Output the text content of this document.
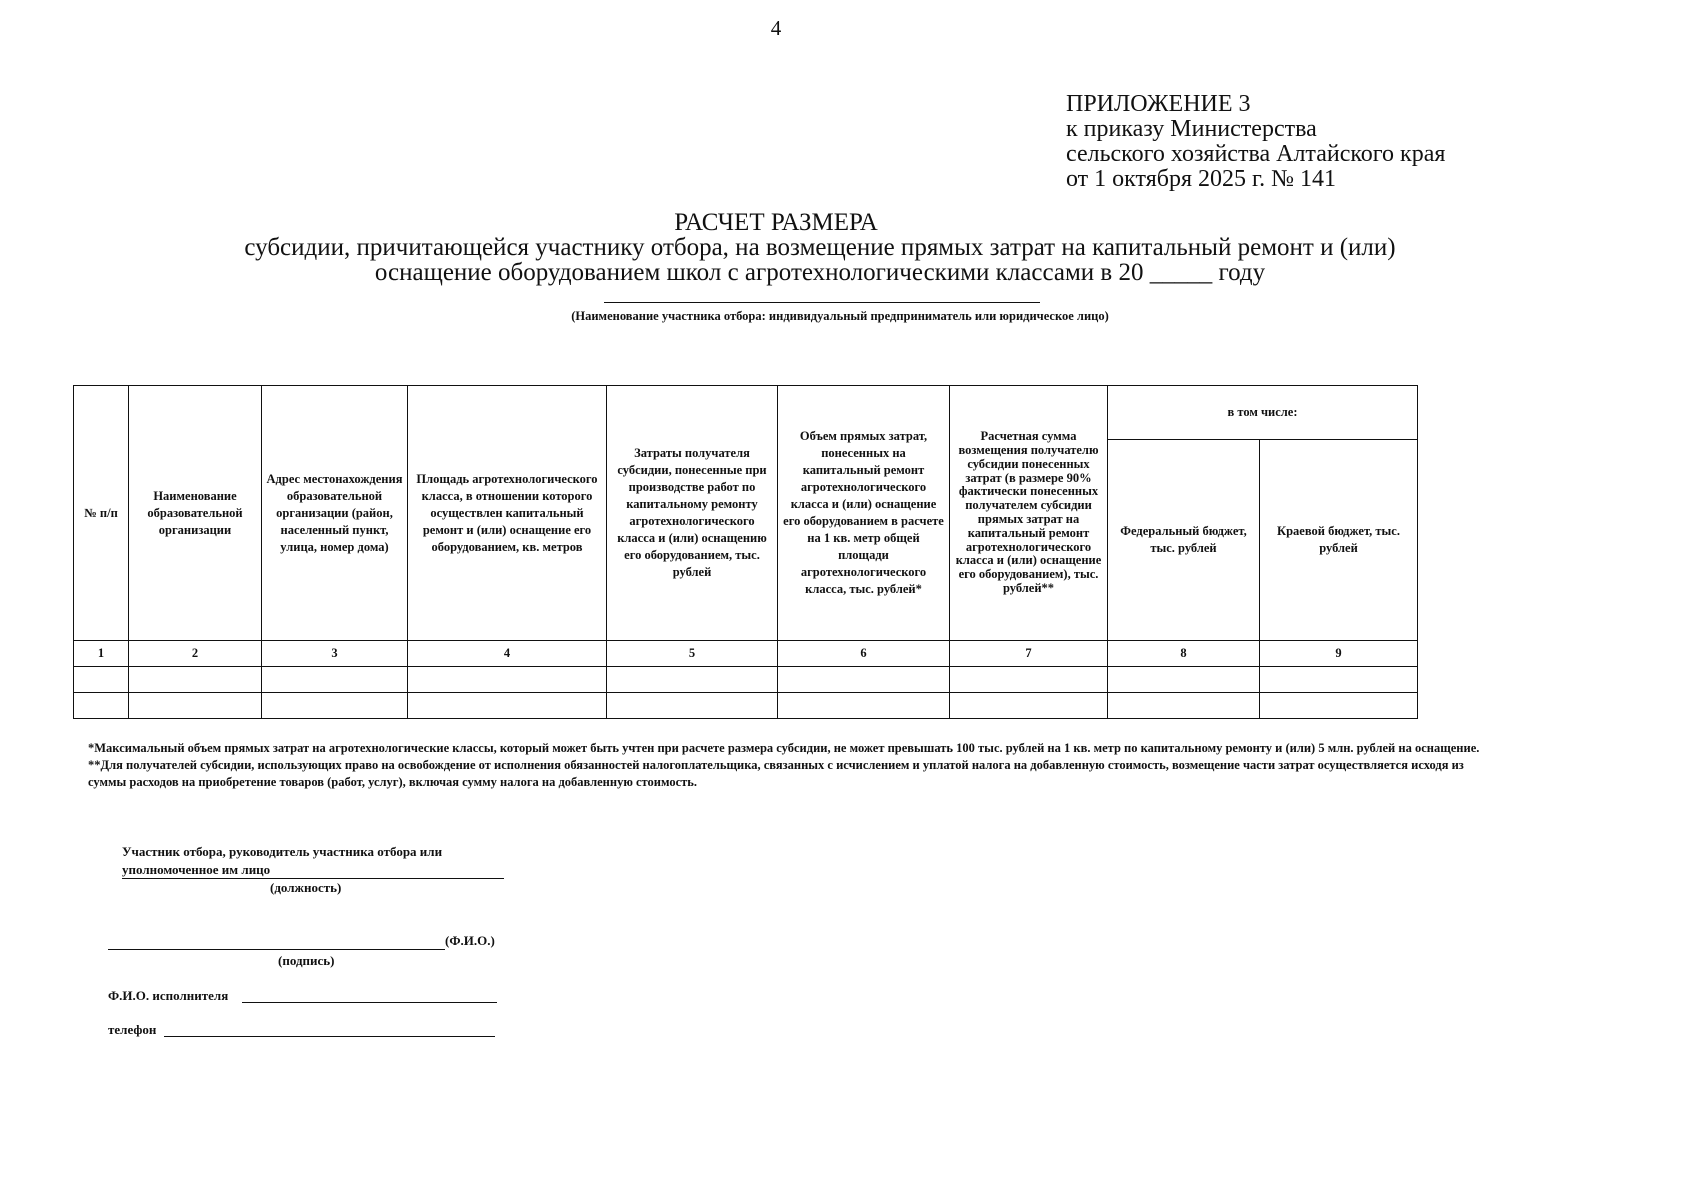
4
ПРИЛОЖЕНИЕ 3
к приказу Министерства
сельского хозяйства Алтайского края
от 1 октября 2025 г. № 141
РАСЧЕТ РАЗМЕРА
субсидии, причитающейся участнику отбора, на возмещение прямых затрат на капитальный ремонт и (или)
оснащение оборудованием школ с агротехнологическими классами в 20 _____ году
(Наименование участника отбора: индивидуальный предприниматель или юридическое лицо)
№ п/п	Наименование образовательной организации	Адрес местонахождения образовательной организации (район, населенный пункт, улица, номер дома)	Площадь агротехнологического класса, в отношении которого осуществлен капитальный ремонт и (или) оснащение его оборудованием, кв. метров	Затраты получателя субсидии, понесенные при производстве работ по капитальному ремонту агротехнологического класса и (или) оснащению его оборудованием, тыс. рублей	Объем прямых затрат, понесенных на капитальный ремонт агротехнологического класса и (или) оснащение его оборудованием в расчете на 1 кв. метр общей площади агротехнологического класса, тыс. рублей*	Расчетная сумма возмещения получателю субсидии понесенных затрат (в размере 90% фактически понесенных получателем субсидии прямых затрат на капитальный ремонт агротехнологического класса и (или) оснащение его оборудованием), тыс. рублей**	в том числе:	
							Федеральный бюджет, тыс. рублей	Краевой бюджет, тыс. рублей
1	2	3	4	5	6	7	8	9

*Максимальный объем прямых затрат на агротехнологические классы, который может быть учтен при расчете размера субсидии, не может превышать 100 тыс. рублей на 1 кв. метр по капитальному ремонту и (или) 5 млн. рублей на оснащение.

**Для получателей субсидии, использующих право на освобождение от исполнения обязанностей налогоплательщика, связанных с исчислением и уплатой налога на добавленную стоимость, возмещение части затрат осуществляется исходя из суммы расходов на приобретение товаров (работ, услуг), включая сумму налога на добавленную стоимость.

Участник отбора, руководитель участника отбора или
уполномоченное им лицо
(должность)
(Ф.И.О.)
(подпись)
Ф.И.О. исполнителя
телефон
